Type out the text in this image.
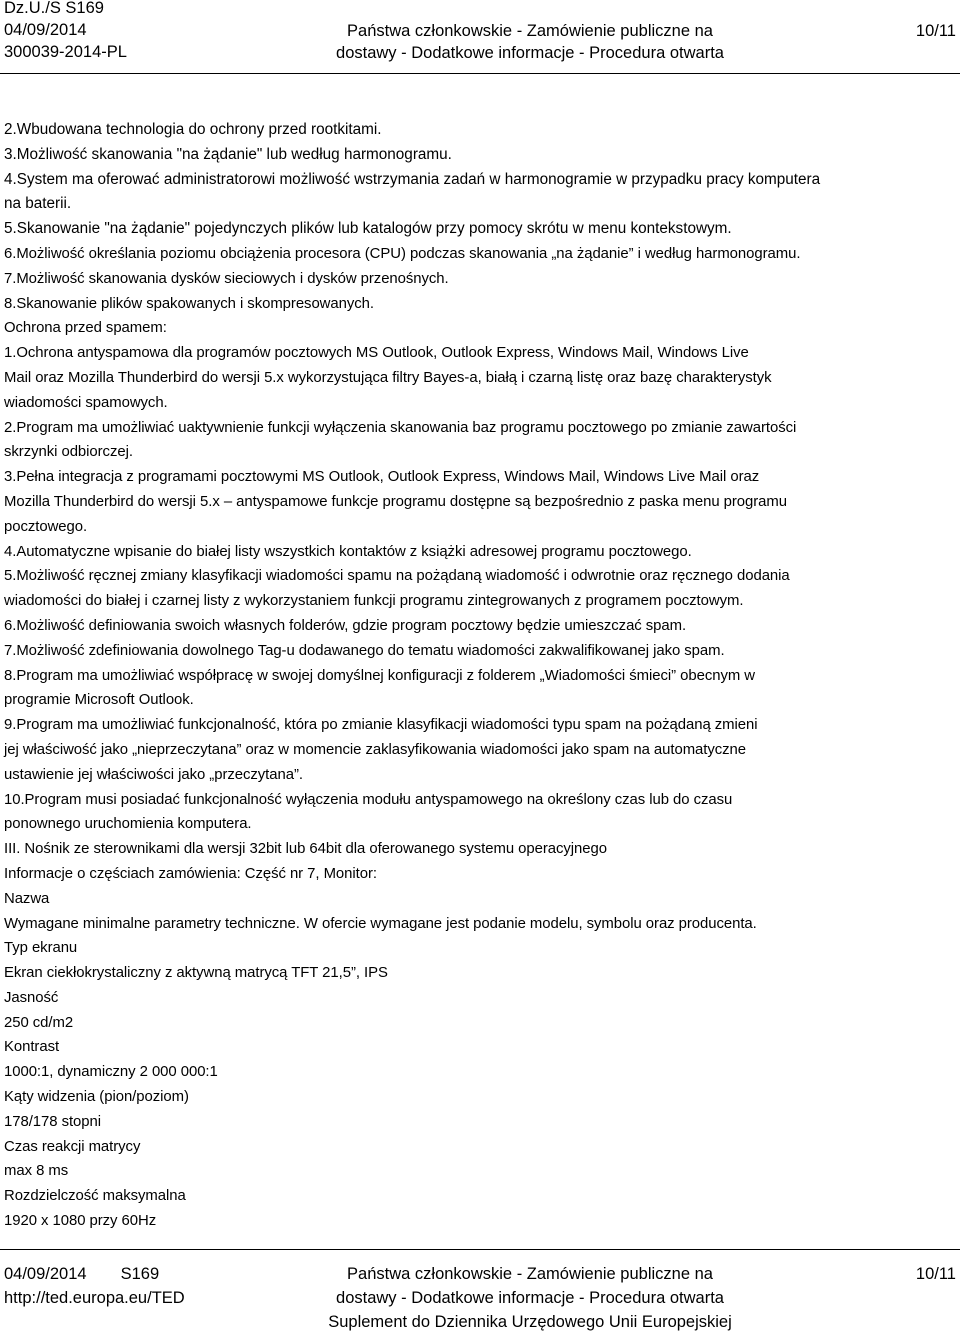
Dz.U./S S169
04/09/2014
300039-2014-PL
Państwa członkowskie - Zamówienie publiczne na
dostawy - Dodatkowe informacje - Procedura otwarta
10/11

2.Wbudowana technologia do ochrony przed rootkitami.
3.Możliwość skanowania "na żądanie" lub według harmonogramu.
4.System ma oferować administratorowi możliwość wstrzymania zadań w harmonogramie w przypadku pracy komputera
na baterii.
5.Skanowanie "na żądanie" pojedynczych plików lub katalogów przy pomocy skrótu w menu kontekstowym.

6.Możliwość określania poziomu obciążenia procesora (CPU) podczas skanowania „na żądanie” i według harmonogramu.
7.Możliwość skanowania dysków sieciowych i dysków przenośnych.
8.Skanowanie plików spakowanych i skompresowanych.
Ochrona przed spamem:
1.Ochrona antyspamowa dla programów pocztowych MS Outlook, Outlook Express, Windows Mail, Windows Live
Mail oraz Mozilla Thunderbird do wersji 5.x wykorzystująca filtry Bayes-a, białą i czarną listę oraz bazę charakterystyk
wiadomości spamowych.
2.Program ma umożliwiać uaktywnienie funkcji wyłączenia skanowania baz programu pocztowego po zmianie zawartości
skrzynki odbiorczej.
3.Pełna integracja z programami pocztowymi MS Outlook, Outlook Express, Windows Mail, Windows Live Mail oraz
Mozilla Thunderbird do wersji 5.x – antyspamowe funkcje programu dostępne są bezpośrednio z paska menu programu
pocztowego.
4.Automatyczne wpisanie do białej listy wszystkich kontaktów z książki adresowej programu pocztowego.
5.Możliwość ręcznej zmiany klasyfikacji wiadomości spamu na pożądaną wiadomość i odwrotnie oraz ręcznego dodania
wiadomości do białej i czarnej listy z wykorzystaniem funkcji programu zintegrowanych z programem pocztowym.
6.Możliwość definiowania swoich własnych folderów, gdzie program pocztowy będzie umieszczać spam.
7.Możliwość zdefiniowania dowolnego Tag-u dodawanego do tematu wiadomości zakwalifikowanej jako spam.
8.Program ma umożliwiać współpracę w swojej domyślnej konfiguracji z folderem „Wiadomości śmieci” obecnym w
programie Microsoft Outlook.
9.Program ma umożliwiać funkcjonalność, która po zmianie klasyfikacji wiadomości typu spam na pożądaną zmieni
jej właściwość jako „nieprzeczytana” oraz w momencie zaklasyfikowania wiadomości jako spam na automatyczne
ustawienie jej właściwości jako „przeczytana”.
10.Program musi posiadać funkcjonalność wyłączenia modułu antyspamowego na określony czas lub do czasu
ponownego uruchomienia komputera.
III. Nośnik ze sterownikami dla wersji 32bit lub 64bit dla oferowanego systemu operacyjnego
Informacje o częściach zamówienia: Część nr 7, Monitor:
Nazwa
Wymagane minimalne parametry techniczne. W ofercie wymagane jest podanie modelu, symbolu oraz producenta.
Typ ekranu
Ekran ciekłokrystaliczny z aktywną matrycą TFT 21,5”, IPS
Jasność
250 cd/m2
Kontrast
1000:1, dynamiczny 2 000 000:1
Kąty widzenia (pion/poziom)
178/178 stopni
Czas reakcji matrycy
max 8 ms
Rozdzielczość maksymalna
1920 x 1080 przy 60Hz

04/09/2014 S169
http://ted.europa.eu/TED
Państwa członkowskie - Zamówienie publiczne na
dostawy - Dodatkowe informacje - Procedura otwarta
Suplement do Dziennika Urzędowego Unii Europejskiej
10/11
